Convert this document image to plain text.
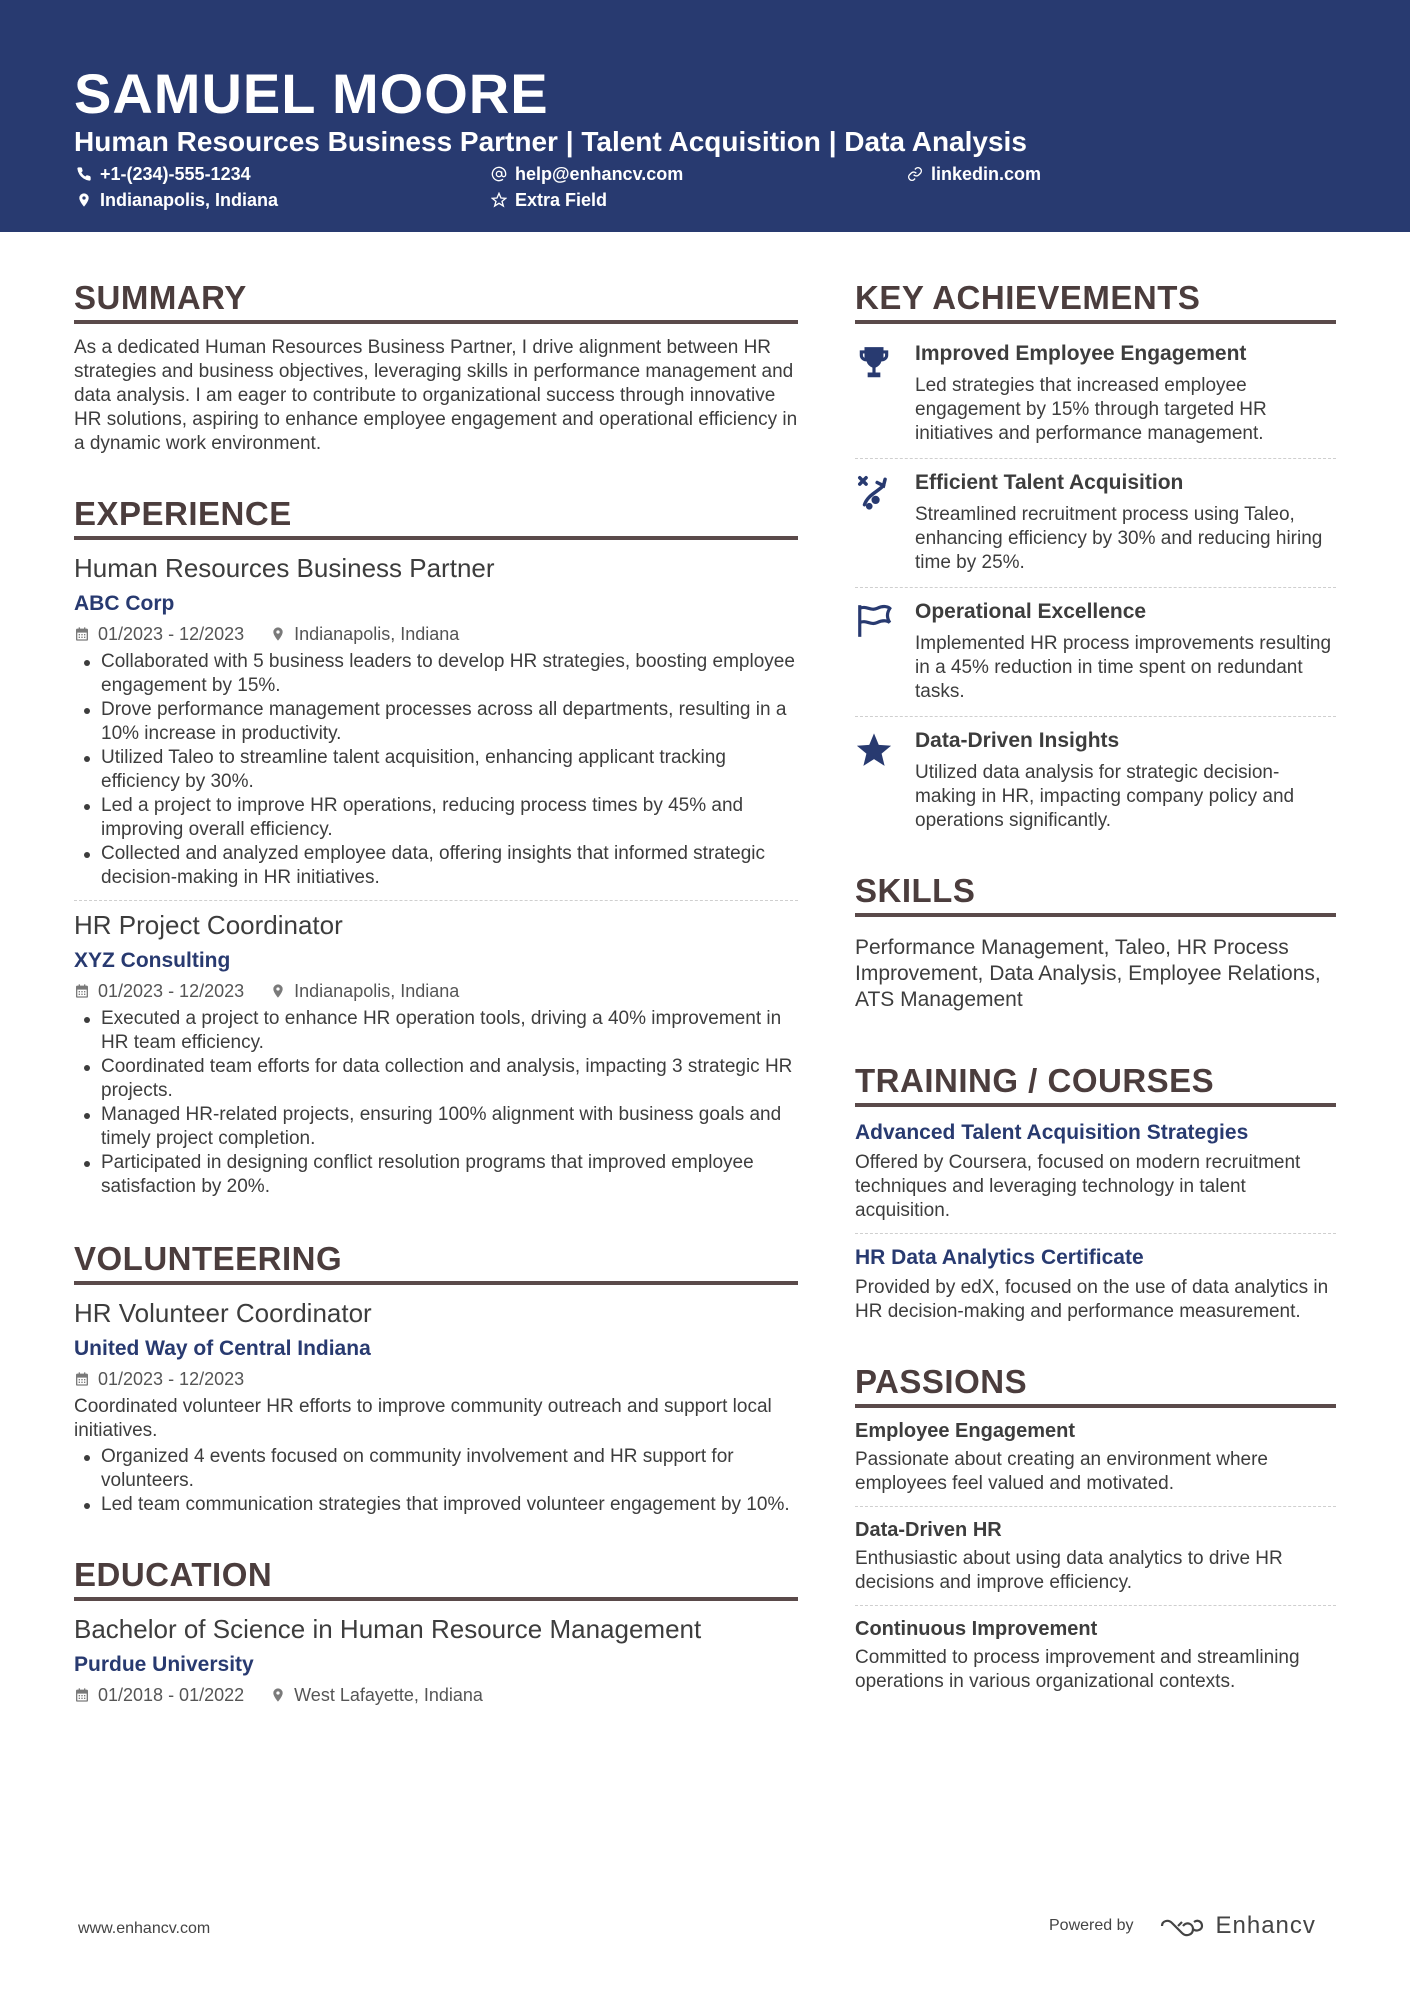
SAMUEL MOORE
Human Resources Business Partner | Talent Acquisition | Data Analysis
+1-(234)-555-1234	help@enhancv.com	linkedin.com
Indianapolis, Indiana	Extra Field
SUMMARY
As a dedicated Human Resources Business Partner, I drive alignment between HR strategies and business objectives, leveraging skills in performance management and data analysis. I am eager to contribute to organizational success through innovative HR solutions, aspiring to enhance employee engagement and operational efficiency in a dynamic work environment.
EXPERIENCE
Human Resources Business Partner
ABC Corp
01/2023 - 12/2023	Indianapolis, Indiana
Collaborated with 5 business leaders to develop HR strategies, boosting employee engagement by 15%.
Drove performance management processes across all departments, resulting in a 10% increase in productivity.
Utilized Taleo to streamline talent acquisition, enhancing applicant tracking efficiency by 30%.
Led a project to improve HR operations, reducing process times by 45% and improving overall efficiency.
Collected and analyzed employee data, offering insights that informed strategic decision-making in HR initiatives.
HR Project Coordinator
XYZ Consulting
01/2023 - 12/2023	Indianapolis, Indiana
Executed a project to enhance HR operation tools, driving a 40% improvement in HR team efficiency.
Coordinated team efforts for data collection and analysis, impacting 3 strategic HR projects.
Managed HR-related projects, ensuring 100% alignment with business goals and timely project completion.
Participated in designing conflict resolution programs that improved employee satisfaction by 20%.
VOLUNTEERING
HR Volunteer Coordinator
United Way of Central Indiana
01/2023 - 12/2023
Coordinated volunteer HR efforts to improve community outreach and support local initiatives.
Organized 4 events focused on community involvement and HR support for volunteers.
Led team communication strategies that improved volunteer engagement by 10%.
EDUCATION
Bachelor of Science in Human Resource Management
Purdue University
01/2018 - 01/2022	West Lafayette, Indiana
KEY ACHIEVEMENTS
Improved Employee Engagement
Led strategies that increased employee engagement by 15% through targeted HR initiatives and performance management.
Efficient Talent Acquisition
Streamlined recruitment process using Taleo, enhancing efficiency by 30% and reducing hiring time by 25%.
Operational Excellence
Implemented HR process improvements resulting in a 45% reduction in time spent on redundant tasks.
Data-Driven Insights
Utilized data analysis for strategic decision-making in HR, impacting company policy and operations significantly.
SKILLS
Performance Management, Taleo, HR Process Improvement, Data Analysis, Employee Relations, ATS Management
TRAINING / COURSES
Advanced Talent Acquisition Strategies
Offered by Coursera, focused on modern recruitment techniques and leveraging technology in talent acquisition.
HR Data Analytics Certificate
Provided by edX, focused on the use of data analytics in HR decision-making and performance measurement.
PASSIONS
Employee Engagement
Passionate about creating an environment where employees feel valued and motivated.
Data-Driven HR
Enthusiastic about using data analytics to drive HR decisions and improve efficiency.
Continuous Improvement
Committed to process improvement and streamlining operations in various organizational contexts.
www.enhancv.com	Powered by	Enhancv
